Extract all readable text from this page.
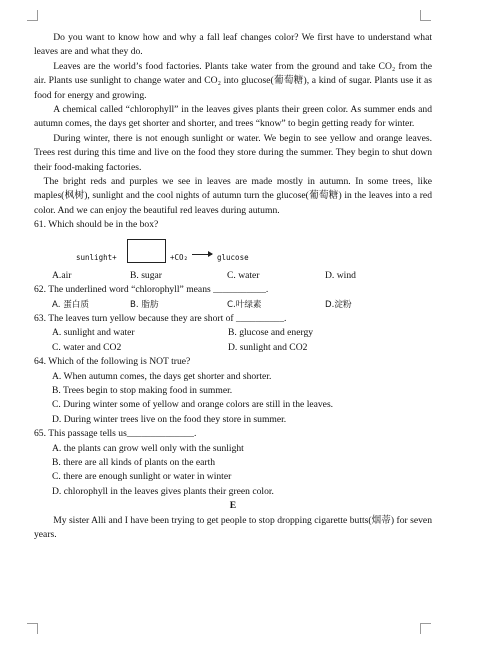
Do you want to know how and why a fall leaf changes color? We first have to understand what leaves are and what they do.

Leaves are the world’s food factories. Plants take water from the ground and take CO₂ from the air. Plants use sunlight to change water and CO₂ into glucose(葡萄糖), a kind of sugar. Plants use it as food for energy and growing.

A chemical called “chlorophyll” in the leaves gives plants their green color. As summer ends and autumn comes, the days get shorter and shorter, and trees “know” to begin getting ready for winter.

During winter, there is not enough sunlight or water. We begin to see yellow and orange leaves. Trees rest during this time and live on the food they store during the summer. They begin to shut down their food-making factories.

The bright reds and purples we see in leaves are made mostly in autumn. In some trees, like maples(枫树), sunlight and the cool nights of autumn turn the glucose(葡萄糖) in the leaves into a red color. And we can enjoy the beautiful red leaves during autumn.

61. Which should be in the box?
sunlight+	+CO₂	glucose
A.air	B. sugar	C. water	D. wind
62. The underlined word “chlorophyll” means ___________.
A. 蛋白质	B. 脂肪	C.叶绿素	D.淀粉
63. The leaves turn yellow because they are short of __________.
A. sunlight and water	B. glucose and energy
C. water and CO2	D. sunlight and CO2
64. Which of the following is NOT true?
A. When autumn comes, the days get shorter and shorter.
B. Trees begin to stop making food in summer.
C. During winter some of yellow and orange colors are still in the leaves.
D. During winter trees live on the food they store in summer.
65. This passage tells us______________.
A. the plants can grow well only with the sunlight
B. there are all kinds of plants on the earth
C. there are enough sunlight or water in winter
D. chlorophyll in the leaves gives plants their green color.
E

My sister Alli and I have been trying to get people to stop dropping cigarette butts(烟蒂) for seven years.
